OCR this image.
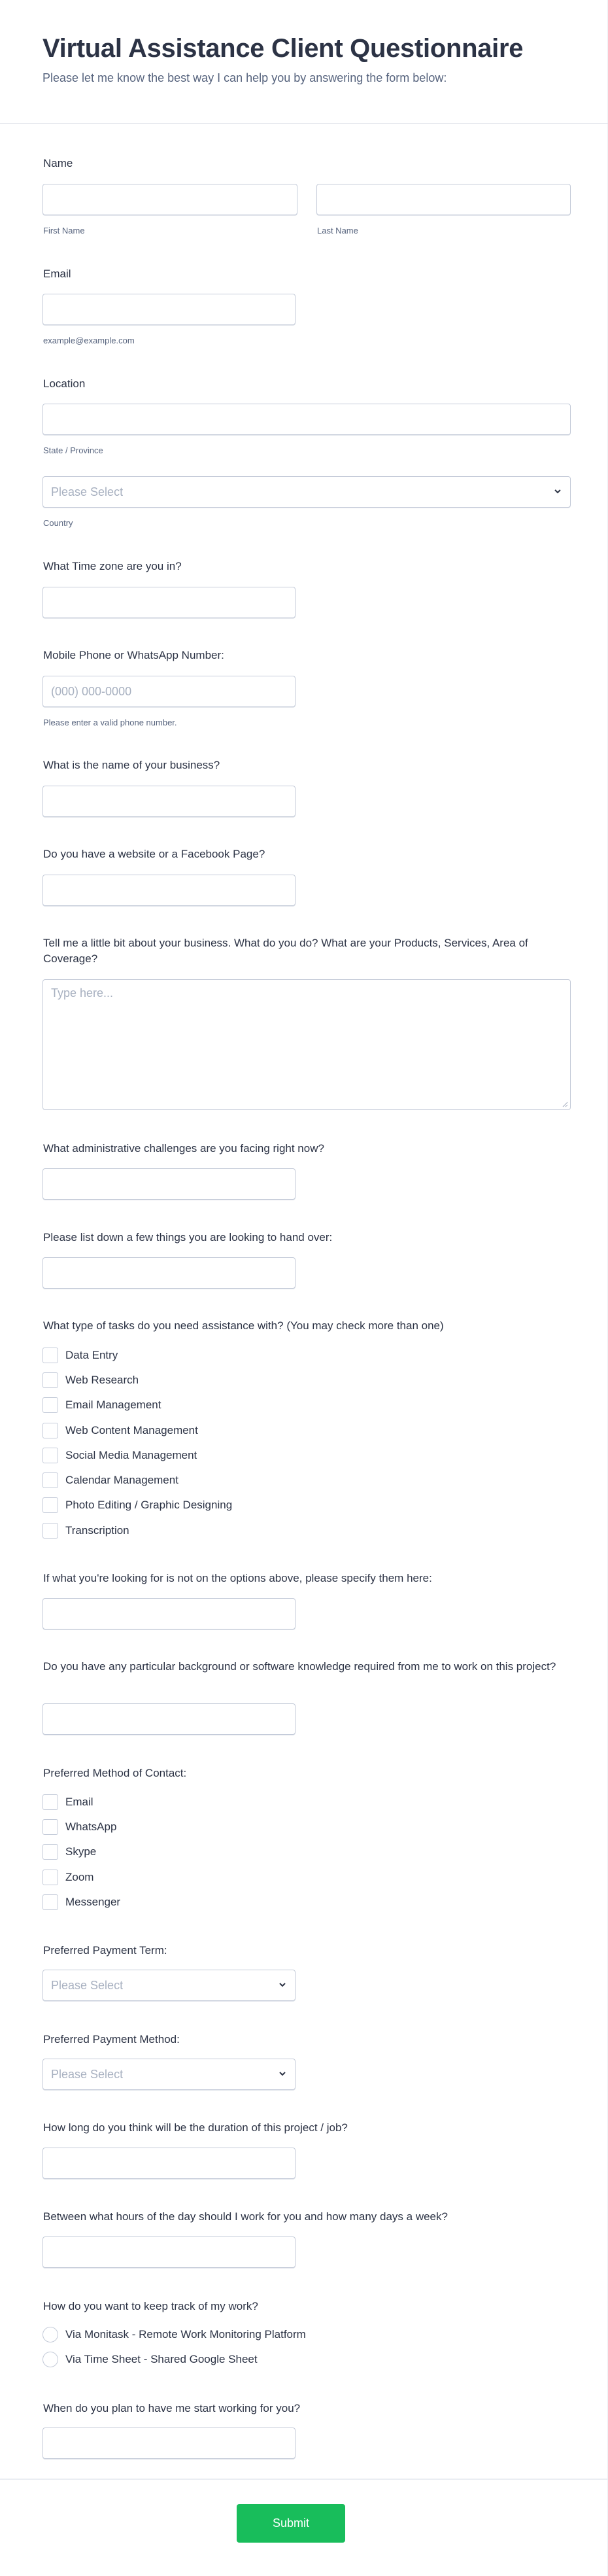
Virtual Assistance Client Questionnaire
Please let me know the best way I can help you by answering the form below:
Name
First Name	Last Name
Email
example@example.com
Location
State / Province
Please Select
Country
What Time zone are you in?
Mobile Phone or WhatsApp Number:
(000) 000-0000
Please enter a valid phone number.
What is the name of your business?
Do you have a website or a Facebook Page?
Tell me a little bit about your business. What do you do? What are your Products, Services, Area of Coverage?
Type here...
What administrative challenges are you facing right now?
Please list down a few things you are looking to hand over:
What type of tasks do you need assistance with? (You may check more than one)
Data Entry
Web Research
Email Management
Web Content Management
Social Media Management
Calendar Management
Photo Editing / Graphic Designing
Transcription
If what you're looking for is not on the options above, please specify them here:
Do you have any particular background or software knowledge required from me to work on this project?
Preferred Method of Contact:
Email
WhatsApp
Skype
Zoom
Messenger
Preferred Payment Term:
Please Select
Preferred Payment Method:
Please Select
How long do you think will be the duration of this project / job?
Between what hours of the day should I work for you and how many days a week?
How do you want to keep track of my work?
Via Monitask - Remote Work Monitoring Platform
Via Time Sheet - Shared Google Sheet
When do you plan to have me start working for you?
Submit
